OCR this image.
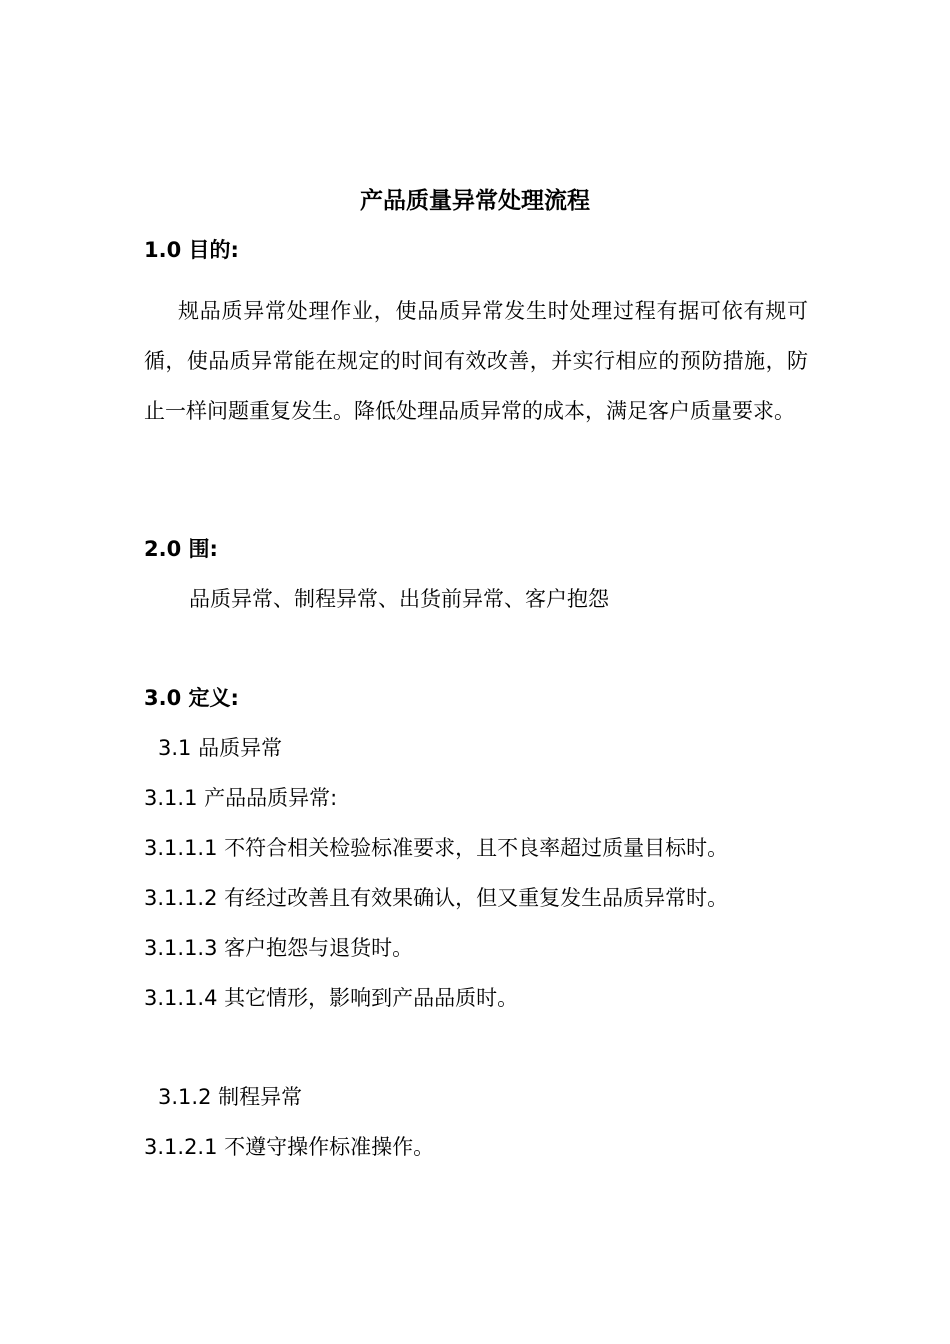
产品质量异常处理流程
1.0 目的:
规品质异常处理作业，使品质异常发生时处理过程有据可依有规可循，使品质异常能在规定的时间有效改善，并实行相应的预防措施，防止一样问题重复发生。降低处理品质异常的成本，满足客户质量要求。
2.0 围:
品质异常、制程异常、出货前异常、客户抱怨
3.0 定义:
3.1 品质异常
3.1.1 产品品质异常:
3.1.1.1 不符合相关检验标准要求，且不良率超过质量目标时。
3.1.1.2 有经过改善且有效果确认，但又重复发生品质异常时。
3.1.1.3 客户抱怨与退货时。
3.1.1.4 其它情形，影响到产品品质时。
3.1.2 制程异常
3.1.2.1 不遵守操作标准操作。
